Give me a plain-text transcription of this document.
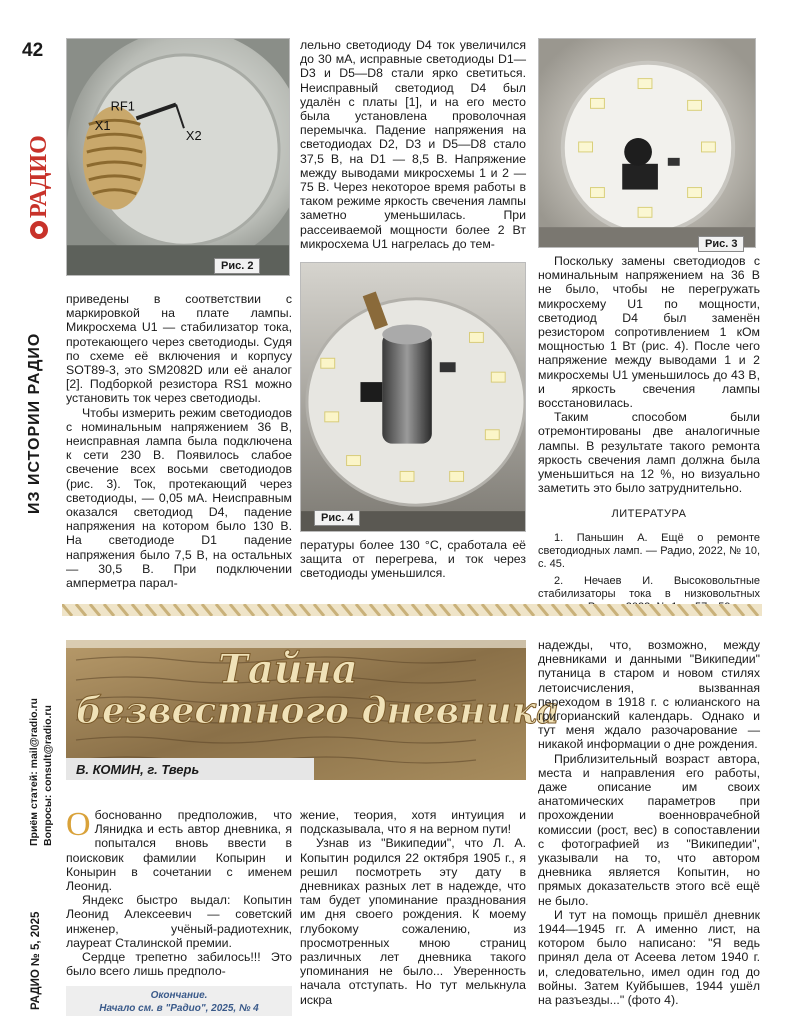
42
РАДИО
ИЗ ИСТОРИИ РАДИО
Приём статей: mail@radio.ru Вопросы: consult@radio.ru
РАДИО № 5, 2025
RF1
X1
X2
Рис. 2
Рис. 3
Рис. 4

приведены в соответствии с маркировкой на плате лампы. Микросхема U1 — стабилизатор тока, протекающего через светодиоды. Судя по схеме её включения и корпусу SOT89-3, это SM2082D или её аналог [2]. Подборкой резистора RS1 можно установить ток через светодиоды.

Чтобы измерить режим светодиодов с номинальным напряжением 36 В, неисправная лампа была подключена к сети 230 В. Появилось слабое свечение всех восьми светодиодов (рис. 3). Ток, протекающий через светодиоды, — 0,05 мА. Неисправным оказался светодиод D4, падение напряжения на котором было 130 В. На светодиоде D1 падение напряжения было 7,5 В, на остальных — 30,5 В. При подключении амперметра парал-

лельно светодиоду D4 ток увеличился до 30 мА, исправные светодиоды D1—D3 и D5—D8 стали ярко светиться. Неисправный светодиод D4 был удалён с платы [1], и на его место была установлена проволочная перемычка. Падение напряжения на светодиодах D2, D3 и D5—D8 стало 37,5 В, на D1 — 8,5 В. Напряжение между выводами микросхемы 1 и 2 — 75 В. Через некоторое время работы в таком режиме яркость свечения лампы заметно уменьшилась. При рассеиваемой мощности более 2 Вт микросхема U1 нагрелась до тем-

пературы более 130 °С, сработала её защита от перегрева, и ток через светодиоды уменьшился.

Поскольку замены светодиодов с номинальным напряжением на 36 В не было, чтобы не перегружать микросхему U1 по мощности, светодиод D4 был заменён резистором сопротивлением 1 кОм мощностью 1 Вт (рис. 4). После чего напряжение между выводами 1 и 2 микросхемы U1 уменьшилось до 43 В, и яркость свечения лампы восстановилась.

Таким способом были отремонтированы две аналогичные лампы. В результате такого ремонта яркость свечения ламп должна была уменьшиться на 12 %, но визуально заметить это было затруднительно.

ЛИТЕРАТУРА
1. Паньшин А. Ещё о ремонте светодиодных ламп. — Радио, 2022, № 10, с. 45.
2. Нечаев И. Высоковольтные стабилизаторы тока в низковольтных
Тайна
безвестного дневника
В. КОМИН, г. Тверь

Обоснованно предположив, что Лянидка и есть автор дневника, я попытался вновь ввести в поисковик фамилии Копырин и Конырин в сочетании с именем Леонид.

Яндекс быстро выдал: Копытин Леонид Алексеевич — советский инженер, учёный-радиотехник, лауреат Сталинской премии.

Сердце трепетно забилось!!! Это было всего лишь предполо-

Окончание.
Начало см. в "Радио", 2025, № 4

жение, теория, хотя интуиция и подсказывала, что я на верном пути!

Узнав из "Википедии", что Л. А. Копытин родился 22 октября 1905 г., я решил посмотреть эту дату в дневниках разных лет в надежде, что там будет упоминание празднования им дня своего рождения. К моему глубокому сожалению, из просмотренных мною страниц различных лет дневника такого упоминания не было... Уверенность начала отступать. Но тут мелькнула искра

надежды, что, возможно, между дневниками и данными "Википедии" путаница в старом и новом стилях летоисчисления, вызванная переходом в 1918 г. с юлианского на григорианский календарь. Однако и тут меня ждало разочарование — никакой информации о дне рождения.

Приблизительный возраст автора, места и направления его работы, даже описание им своих анатомических параметров при прохождении военноврачебной комиссии (рост, вес) в сопоставлении с фотографией из "Википедии", указывали на то, что автором дневника является Копытин, но прямых доказательств этого всё ещё не было.

И тут на помощь пришёл дневник 1944—1945 гг. А именно лист, на котором было написано: "Я ведь принял дела от Асеева летом 1940 г. и, следовательно, имел один год до войны. Затем Куйбышев, 1944 ушёл на разъезды..." (фото 4).
